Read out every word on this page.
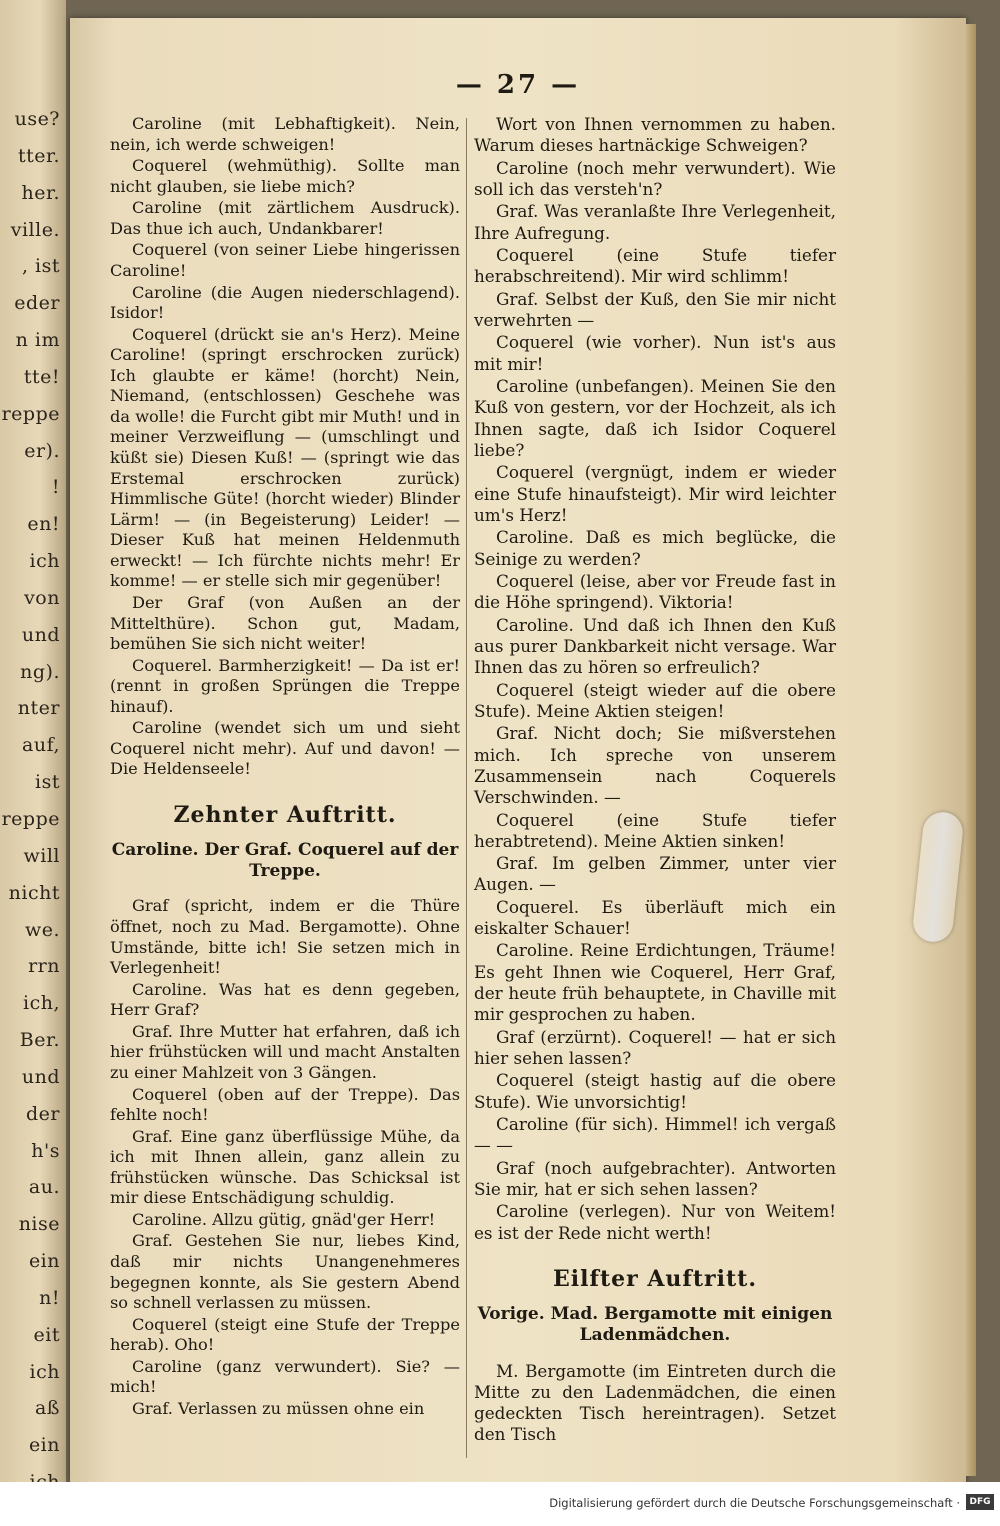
use?
tter.
her.
ville.
, ist
eder
n im
tte!
reppe
er).
!
en!
ich
von
und
ng).
nter
auf,
ist
reppe
will
nicht
we.
rrn
ich,
Ber.
und
der
h's
au.
nise
ein
n!
eit
ich
aß
ein
— 27 —
Caroline (mit Lebhaftigkeit). Nein, nein, ich werde schweigen!
Coquerel (wehmüthig). Sollte man nicht glauben, sie liebe mich?
Caroline (mit zärtlichem Ausdruck). Das thue ich auch, Undankbarer!
Coquerel (von seiner Liebe hingerissen Caroline!
Caroline (die Augen niederschlagend). Isidor!
Coquerel (drückt sie an's Herz). Meine Caroline! (springt erschrocken zurück) Ich glaubte er käme! (horcht) Nein, Niemand, (entschlossen) Geschehe was da wolle! die Furcht gibt mir Muth! und in meiner Verzweiflung — (umschlingt und küßt sie) Diesen Kuß! — (springt wie das Erstemal erschrocken zurück) Himmlische Güte! (horcht wieder) Blinder Lärm! — (in Begeisterung) Leider! — Dieser Kuß hat meinen Heldenmuth erweckt! — Ich fürchte nichts mehr! Er komme! — er stelle sich mir gegenüber!
Der Graf (von Außen an der Mittelthüre). Schon gut, Madam, bemühen Sie sich nicht weiter!
Coquerel. Barmherzigkeit! — Da ist er! (rennt in großen Sprüngen die Treppe hinauf).
Caroline (wendet sich um und sieht Coquerel nicht mehr). Auf und davon! — Die Heldenseele!
Zehnter Auftritt.
Caroline. Der Graf. Coquerel auf der Treppe.
Graf (spricht, indem er die Thüre öffnet, noch zu Mad. Bergamotte). Ohne Umstände, bitte ich! Sie setzen mich in Verlegenheit!
Caroline. Was hat es denn gegeben, Herr Graf?
Graf. Ihre Mutter hat erfahren, daß ich hier frühstücken will und macht Anstalten zu einer Mahlzeit von 3 Gängen.
Coquerel (oben auf der Treppe). Das fehlte noch!
Graf. Eine ganz überflüssige Mühe, da ich mit Ihnen allein, ganz allein zu frühstücken wünsche. Das Schicksal ist mir diese Entschädigung schuldig.
Caroline. Allzu gütig, gnäd'ger Herr!
Graf. Gestehen Sie nur, liebes Kind, daß mir nichts Unangenehmeres begegnen konnte, als Sie gestern Abend so schnell verlassen zu müssen.
Coquerel (steigt eine Stufe der Treppe herab). Oho!
Caroline (ganz verwundert). Sie? — mich!
Graf. Verlassen zu müssen ohne ein
Wort von Ihnen vernommen zu haben. Warum dieses hartnäckige Schweigen?
Caroline (noch mehr verwundert). Wie soll ich das versteh'n?
Graf. Was veranlaßte Ihre Verlegenheit, Ihre Aufregung.
Coquerel (eine Stufe tiefer herabschreitend). Mir wird schlimm!
Graf. Selbst der Kuß, den Sie mir nicht verwehrten —
Coquerel (wie vorher). Nun ist's aus mit mir!
Caroline (unbefangen). Meinen Sie den Kuß von gestern, vor der Hochzeit, als ich Ihnen sagte, daß ich Isidor Coquerel liebe?
Coquerel (vergnügt, indem er wieder eine Stufe hinaufsteigt). Mir wird leichter um's Herz!
Caroline. Daß es mich beglücke, die Seinige zu werden?
Coquerel (leise, aber vor Freude fast in die Höhe springend). Viktoria!
Caroline. Und daß ich Ihnen den Kuß aus purer Dankbarkeit nicht versage. War Ihnen das zu hören so erfreulich?
Coquerel (steigt wieder auf die obere Stufe). Meine Aktien steigen!
Graf. Nicht doch; Sie mißverstehen mich. Ich spreche von unserem Zusammensein nach Coquerels Verschwinden. —
Coquerel (eine Stufe tiefer herabtretend). Meine Aktien sinken!
Graf. Im gelben Zimmer, unter vier Augen. —
Coquerel. Es überläuft mich ein eiskalter Schauer!
Caroline. Reine Erdichtungen, Träume! Es geht Ihnen wie Coquerel, Herr Graf, der heute früh behauptete, in Chaville mit mir gesprochen zu haben.
Graf (erzürnt). Coquerel! — hat er sich hier sehen lassen?
Coquerel (steigt hastig auf die obere Stufe). Wie unvorsichtig!
Caroline (für sich). Himmel! ich vergaß — —
Graf (noch aufgebrachter). Antworten Sie mir, hat er sich sehen lassen?
Caroline (verlegen). Nur von Weitem! es ist der Rede nicht werth!
Eilfter Auftritt.
Vorige. Mad. Bergamotte mit einigen Ladenmädchen.
M. Bergamotte (im Eintreten durch die Mitte zu den Ladenmädchen, die einen gedeckten Tisch hereintragen). Setzet den Tisch
Digitalisierung gefördert durch die Deutsche Forschungsgemeinschaft ·	DFG
